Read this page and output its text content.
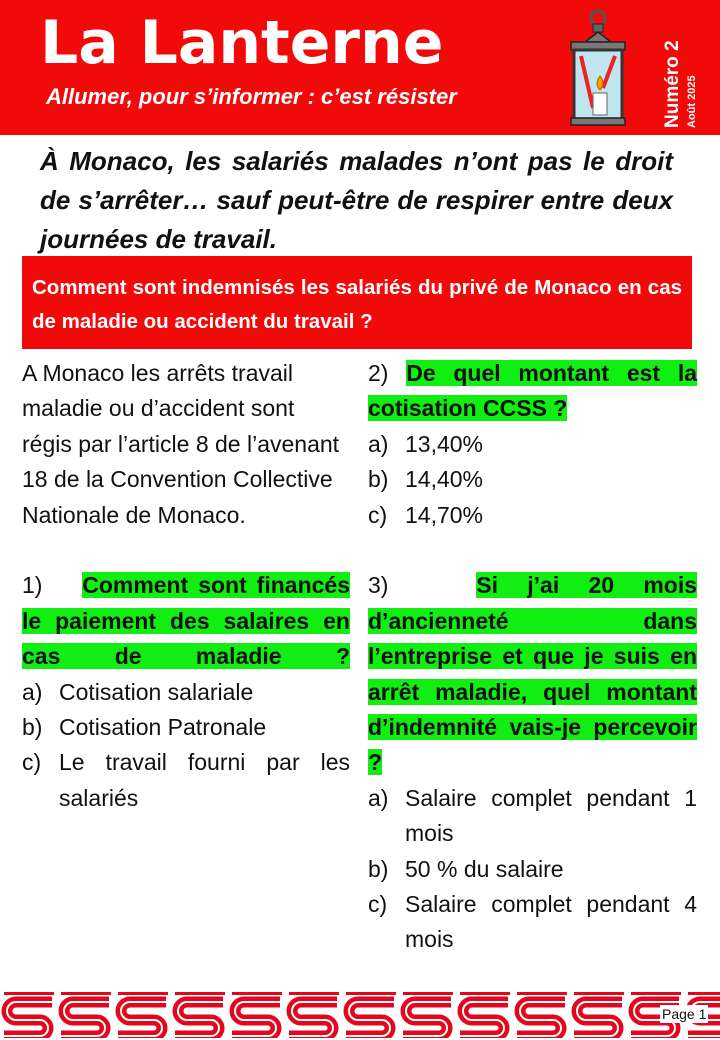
La Lanterne
Allumer, pour s’informer : c’est résister	Numéro 2 Août 2025
À Monaco, les salariés malades n’ont pas le droit de s’arrêter… sauf peut-être de respirer entre deux journées de travail.
Comment sont indemnisés les salariés du privé de Monaco en cas de maladie ou accident du travail ?
A Monaco les arrêts travail maladie ou d’accident sont régis par l’article 8 de l’avenant 18 de la Convention Collective Nationale de Monaco.
1) Comment sont financés le paiement des salaires en cas de maladie ?
a) Cotisation salariale
b) Cotisation Patronale
c) Le travail fourni par les salariés
2) De quel montant est la cotisation CCSS ?
a) 13,40%
b) 14,40%
c) 14,70%
3)	Si j’ai 20 mois d’ancienneté dans l’entreprise et que je suis en arrêt maladie, quel montant d’indemnité vais-je percevoir ?
a) Salaire complet pendant 1 mois
b) 50 % du salaire
c) Salaire complet pendant 4 mois
Page 1
